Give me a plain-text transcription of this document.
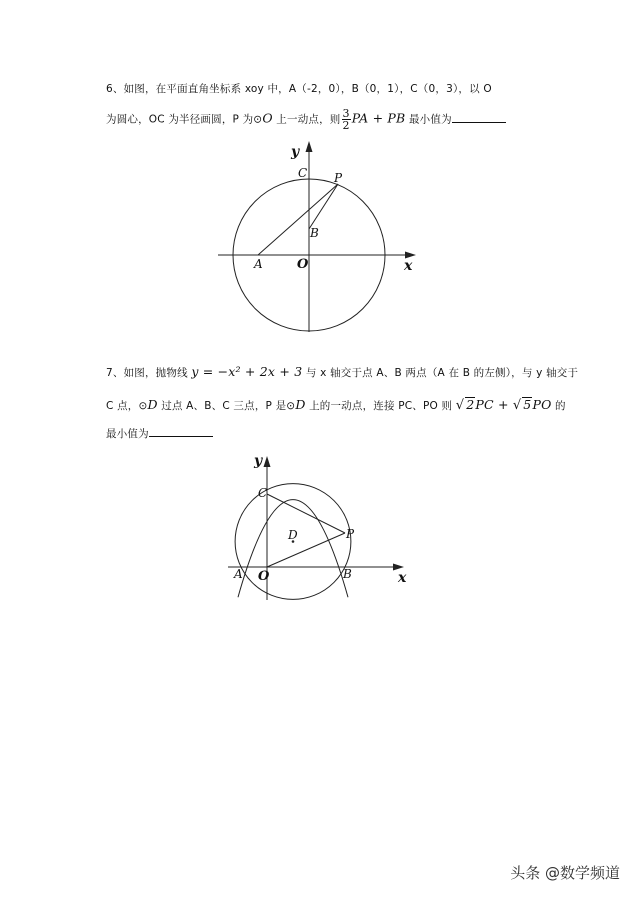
6、如图，在平面直角坐标系 xoy 中，A（-2，0），B（0，1），C（0，3），以 O
为圆心，OC 为半径画圆，P 为⊙O 上一动点，则 $\frac{3}{2}$ PA + PB 最小值为
y
x
C P
B
A	O
7、如图，抛物线 y = −x² + 2x + 3 与 x 轴交于点 A、B 两点（A 在 B 的左侧），与 y 轴交于
C 点，⊙D 过点 A、B、C 三点，P 是⊙D 上的一动点，连接 PC、PO 则 √ 2PC + √ 5PO 的
最小值为
y
x
C
D	P
A O	B
头条 @数学频道
